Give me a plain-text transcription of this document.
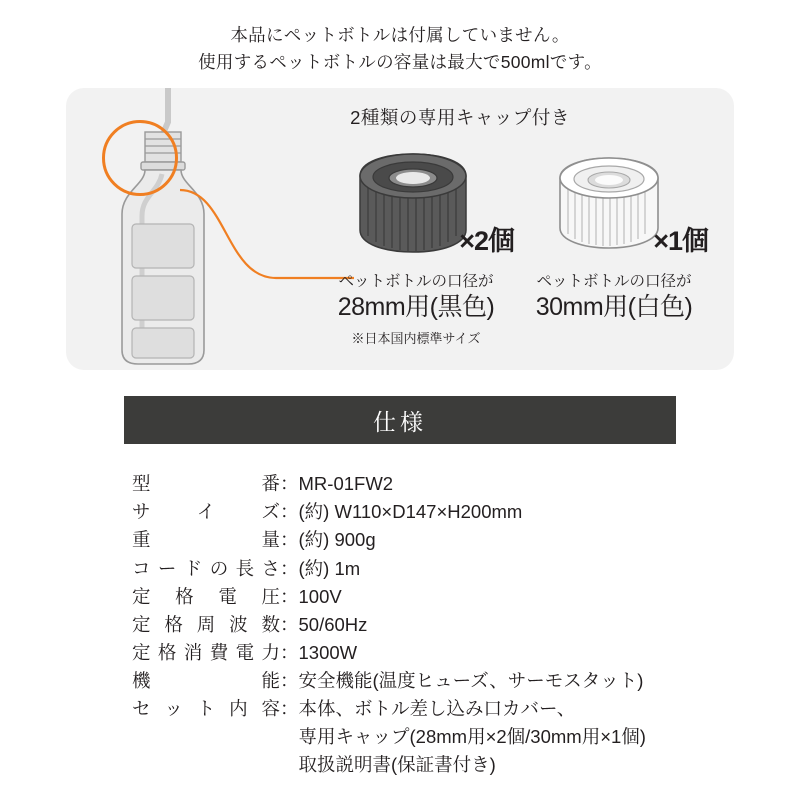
本品にペットボトルは付属していません。
使用するペットボトルの容量は最大で500mlです。
2種類の専用キャップ付き
×2個
ペットボトルの口径が
28mm用(黒色)
※日本国内標準サイズ
×1個
ペットボトルの口径が
30mm用(白色)
仕様
型　　　番	：	MR-01FW2
サ イ ズ	：	(約) W110×D147×H200mm
重　　　量	：	(約) 900g
コードの長さ	：	(約) 1m
定 格 電 圧	：	100V
定格周波数	：	50/60Hz
定格消費電力	：	1300W
機　　　能	：	安全機能(温度ヒューズ、サーモスタット)
セット内容	：	本体、ボトル差し込み口カバー、
		専用キャップ(28mm用×2個/30mm用×1個)
		取扱説明書(保証書付き)
